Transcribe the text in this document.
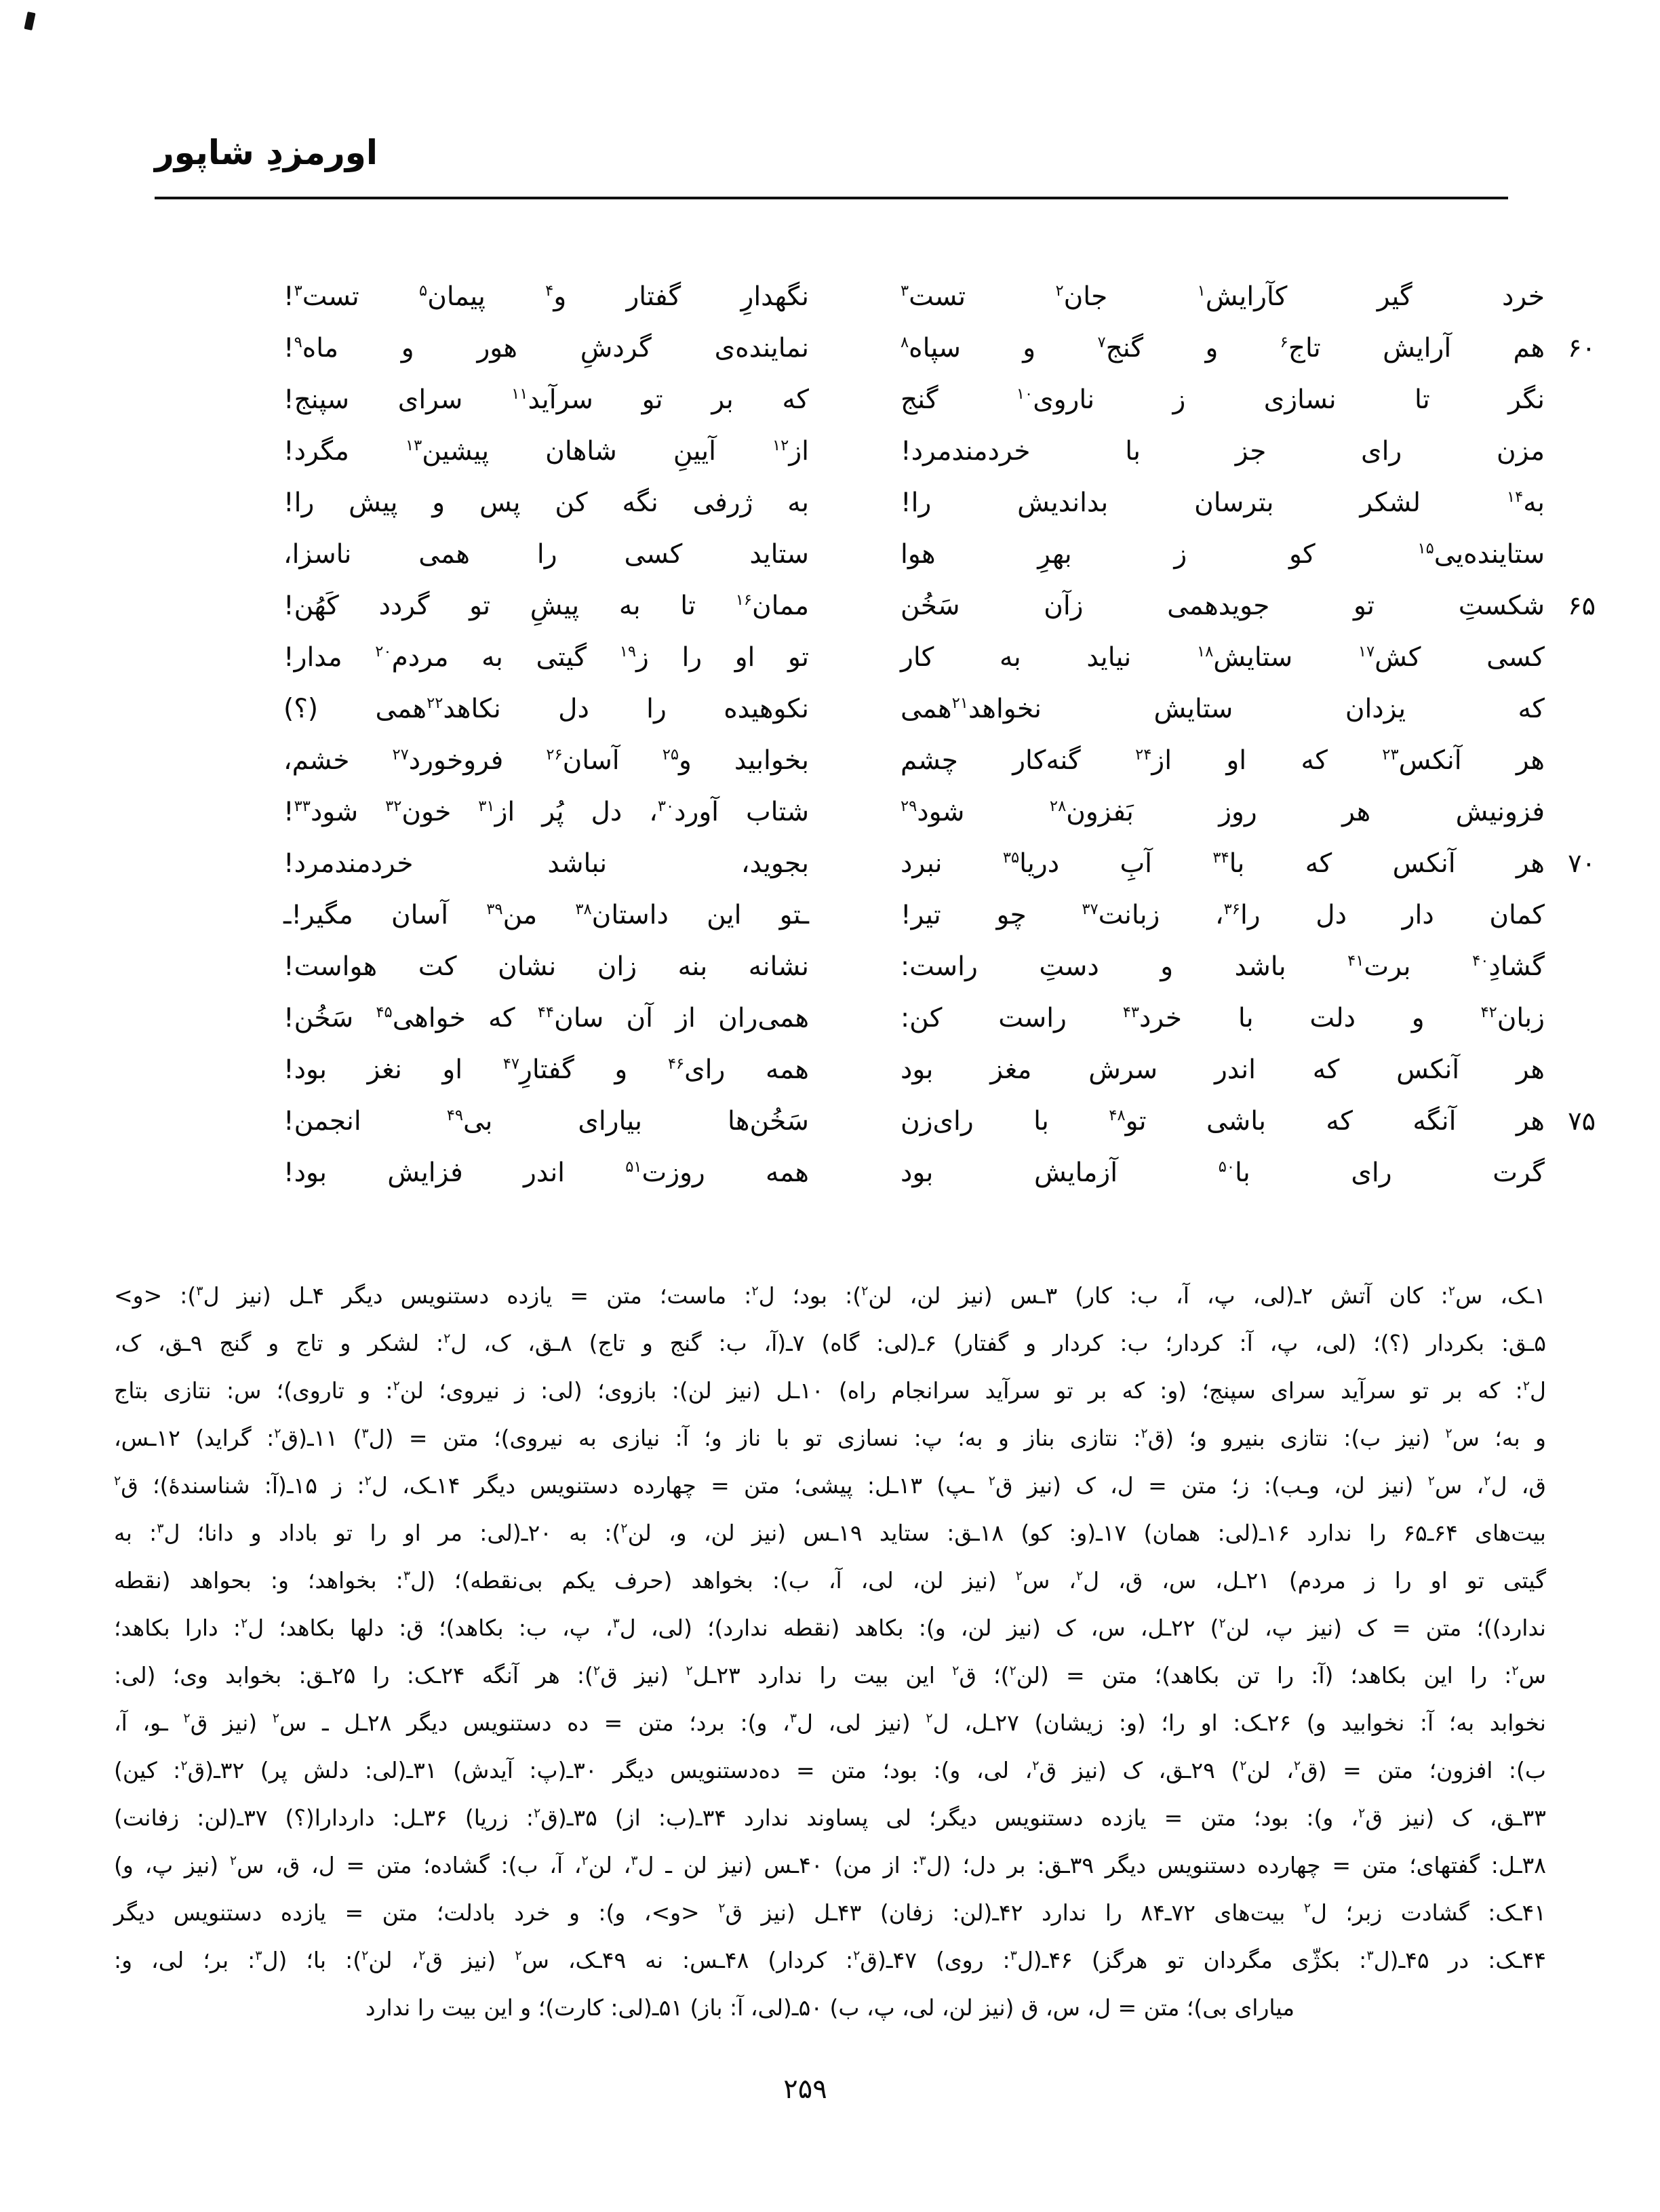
اورمزدِ شاپور
خرد گیر کآرایش$^۱$ جان$^۲$ تست$^۳$
نگهدارِ گفتار و$^۴$ پیمان$^۵$ تست$^۳$!
۶۰
هم آرایش تاج$^۶$ و گنج$^۷$ و سپاه$^۸$
نماینده‌ی گردشِ هور و ماه$^۹$!
نگر تا نسازی ز ناروی$^{۱۰}$ گنج
که بر تو سرآید$^{۱۱}$ سرای سپنج!
مزن رای جز با خردمندمرد!
از$^{۱۲}$ آیینِ شاهان پیشین$^{۱۳}$ مگرد!
به$^{۱۴}$ لشکر بترسان بداندیش را!
به ژرفی نگه کن پس و پیش را!
ستاینده‌یی$^{۱۵}$ کو ز بهرِ هوا
ستاید کسی را همی ناسزا،
۶۵
شکستِ تو جویدهمی زآن سَخُن
ممان$^{۱۶}$ تا به پیشِ تو گردد کَهُن!
کسی کش$^{۱۷}$ ستایش$^{۱۸}$ نیاید به کار
تو او را ز$^{۱۹}$ گیتی به مردم$^{۲۰}$ مدار!
که یزدان ستایش نخواهد$^{۲۱}$همی
نکوهیده را دل نکاهد$^{۲۲}$همی (؟)
هر آنکس$^{۲۳}$ که او از$^{۲۴}$ گنه‌کار چشم
بخوابید و$^{۲۵}$ آسان$^{۲۶}$ فروخورد$^{۲۷}$ خشم،
فزونیش هر روز بَفزون$^{۲۸}$ شود$^{۲۹}$
شتاب آورد$^{۳۰}$، دل پُر از$^{۳۱}$ خون$^{۳۲}$ شود$^{۳۳}$!
۷۰
هر آنکس که با$^{۳۴}$ آبِ دریا$^{۳۵}$ نبرد
بجوید، نباشد خردمندمرد!
کمان دار دل را$^{۳۶}$، زبانت$^{۳۷}$ چو تیر!
ـتو این داستان$^{۳۸}$ من$^{۳۹}$ آسان مگیر!ـ
گشادِ$^{۴۰}$ برت$^{۴۱}$ باشد و دستِ راست:
نشانه بنه زان نشان کت هواست!
زبان$^{۴۲}$ و دلت با خرد$^{۴۳}$ راست کن:
همی‌ران از آن سان$^{۴۴}$ که خواهی$^{۴۵}$ سَخُن!
هر آنکس که اندر سرش مغز بود
همه رای$^{۴۶}$ و گفتارِ$^{۴۷}$ او نغز بود!
۷۵
هر آنگه که باشی تو$^{۴۸}$ با رای‌زن
سَخُن‌ها بیارای بی$^{۴۹}$ انجمن!
گرت رای با$^{۵۰}$ آزمایش بود
همه روزت$^{۵۱}$ اندر فزایش بود!
۱ـک، س$^۲$: کان آتش ۲ـ(لی، پ، آ، ب: کار) ۳ـس (نیز لن، لن$^۲$): بود؛ ل$^۲$: ماست؛ متن = یازده دستنویس دیگر ۴ـل (نیز ل$^۳$): <و>
۵ـق: بکردار (؟)؛ (لی، پ، آ: کردار؛ ب: کردار و گفتار) ۶ـ(لی: گاه) ۷ـ(آ، ب: گنج و تاج) ۸ـق، ک، ل$^۲$: لشکر و تاج و گنج ۹ـق، ک،
ل$^۲$: که بر تو سرآید سرای سپنج؛ (و: که بر تو سرآید سرانجام راه) ۱۰ـل (نیز لن): بازوی؛ (لی: ز نیروی؛ لن$^۲$: و تاروی)؛ س: نتازی بتاج
و به؛ س$^۲$ (نیز ب): نتازی بنیرو و؛ (ق$^۲$: نتازی بناز و به؛ پ: نسازی تو با ناز و؛ آ: نیازی به نیروی)؛ متن = (ل$^۳$) ۱۱ـ(ق$^۲$: گراید) ۱۲ـس،
ق، ل$^۲$، س$^۲$ (نیز لن، وـب): ز؛ متن = ل، ک (نیز ق$^۲$ ـپ) ۱۳ـل: پیشی؛ متن = چهارده دستنویس دیگر ۱۴ـک، ل$^۲$: ز ۱۵ـ(آ: شناسندهٔ)؛ ق$^۲$
بیت‌های ۶۴ـ۶۵ را ندارد ۱۶ـ(لی: همان) ۱۷ـ(و: کو) ۱۸ـق: ستاید ۱۹ـس (نیز لن، و، لن$^۲$): به ۲۰ـ(لی: مر او را تو باداد و دانا؛ ل$^۳$: به
گیتی تو او را ز مردم) ۲۱ـل، س، ق، ل$^۲$، س$^۲$ (نیز لن، لی، آ، ب): بخواهد (حرف یکم بی‌نقطه)؛ (ل$^۳$: بخواهد؛ و: بحواهد (نقطه
ندارد))؛ متن = ک (نیز پ، لن$^۲$) ۲۲ـل، س، ک (نیز لن، و): بکاهد (نقطه ندارد)؛ (لی، ل$^۳$، پ، ب: بکاهد)؛ ق: دلها بکاهد؛ ل$^۲$: دارا بکاهد؛
س$^۲$: را این بکاهد؛ (آ: را تن بکاهد)؛ متن = (لن$^۲$)؛ ق$^۲$ این بیت را ندارد ۲۳ـل$^۲$ (نیز ق$^۲$): هر آنگه ۲۴ـک: را ۲۵ـق: بخوابد وی؛ (لی:
نخوابد به؛ آ: نخوابید و) ۲۶ـک: او را؛ (و: زیشان) ۲۷ـل، ل$^۲$ (نیز لی، ل$^۳$، و): برد؛ متن = ده دستنویس دیگر ۲۸ـل ـ س$^۲$ (نیز ق$^۲$ ـو، آ،
ب): افزون؛ متن = (ق$^۲$، لن$^۲$) ۲۹ـق، ک (نیز ق$^۲$، لی، و): بود؛ متن = ده‌دستنویس دیگر ۳۰ـ(پ: آیدش) ۳۱ـ(لی: دلش پر) ۳۲ـ(ق$^۲$: کین)
۳۳ـق، ک (نیز ق$^۲$، و): بود؛ متن = یازده دستنویس دیگر؛ لی پساوند ندارد ۳۴ـ(ب: از) ۳۵ـ(ق$^۲$: زریا) ۳۶ـل: داردارا(؟) ۳۷ـ(لن: زفانت)
۳۸ـل: گفتهای؛ متن = چهارده دستنویس دیگر ۳۹ـق: بر دل؛ (ل$^۳$: از من) ۴۰ـس (نیز لن ـ ل$^۳$، لن$^۲$، آ، ب): گشاده؛ متن = ل، ق، س$^۲$ (نیز پ، و)
۴۱ـک: گشادت زبر؛ ل$^۲$ بیت‌های ۷۲ـ۸۴ را ندارد ۴۲ـ(لن: زفان) ۴۳ـل (نیز ق$^۲$ <و>، و): و خرد بادلت؛ متن = یازده دستنویس دیگر
۴۴ـک: در ۴۵ـ(ل$^۳$: بکژّی مگردان تو هرگز) ۴۶ـ(ل$^۳$: روی) ۴۷ـ(ق$^۲$: کردار) ۴۸ـس: نه ۴۹ـک، س$^۲$ (نیز ق$^۲$، لن$^۲$): با؛ (ل$^۳$: بر؛ لی، و:
میارای بی)؛ متن = ل، س، ق (نیز لن، لی، پ، ب) ۵۰ـ(لی، آ: باز) ۵۱ـ(لی: کارت)؛ و این بیت را ندارد
۲۵۹
